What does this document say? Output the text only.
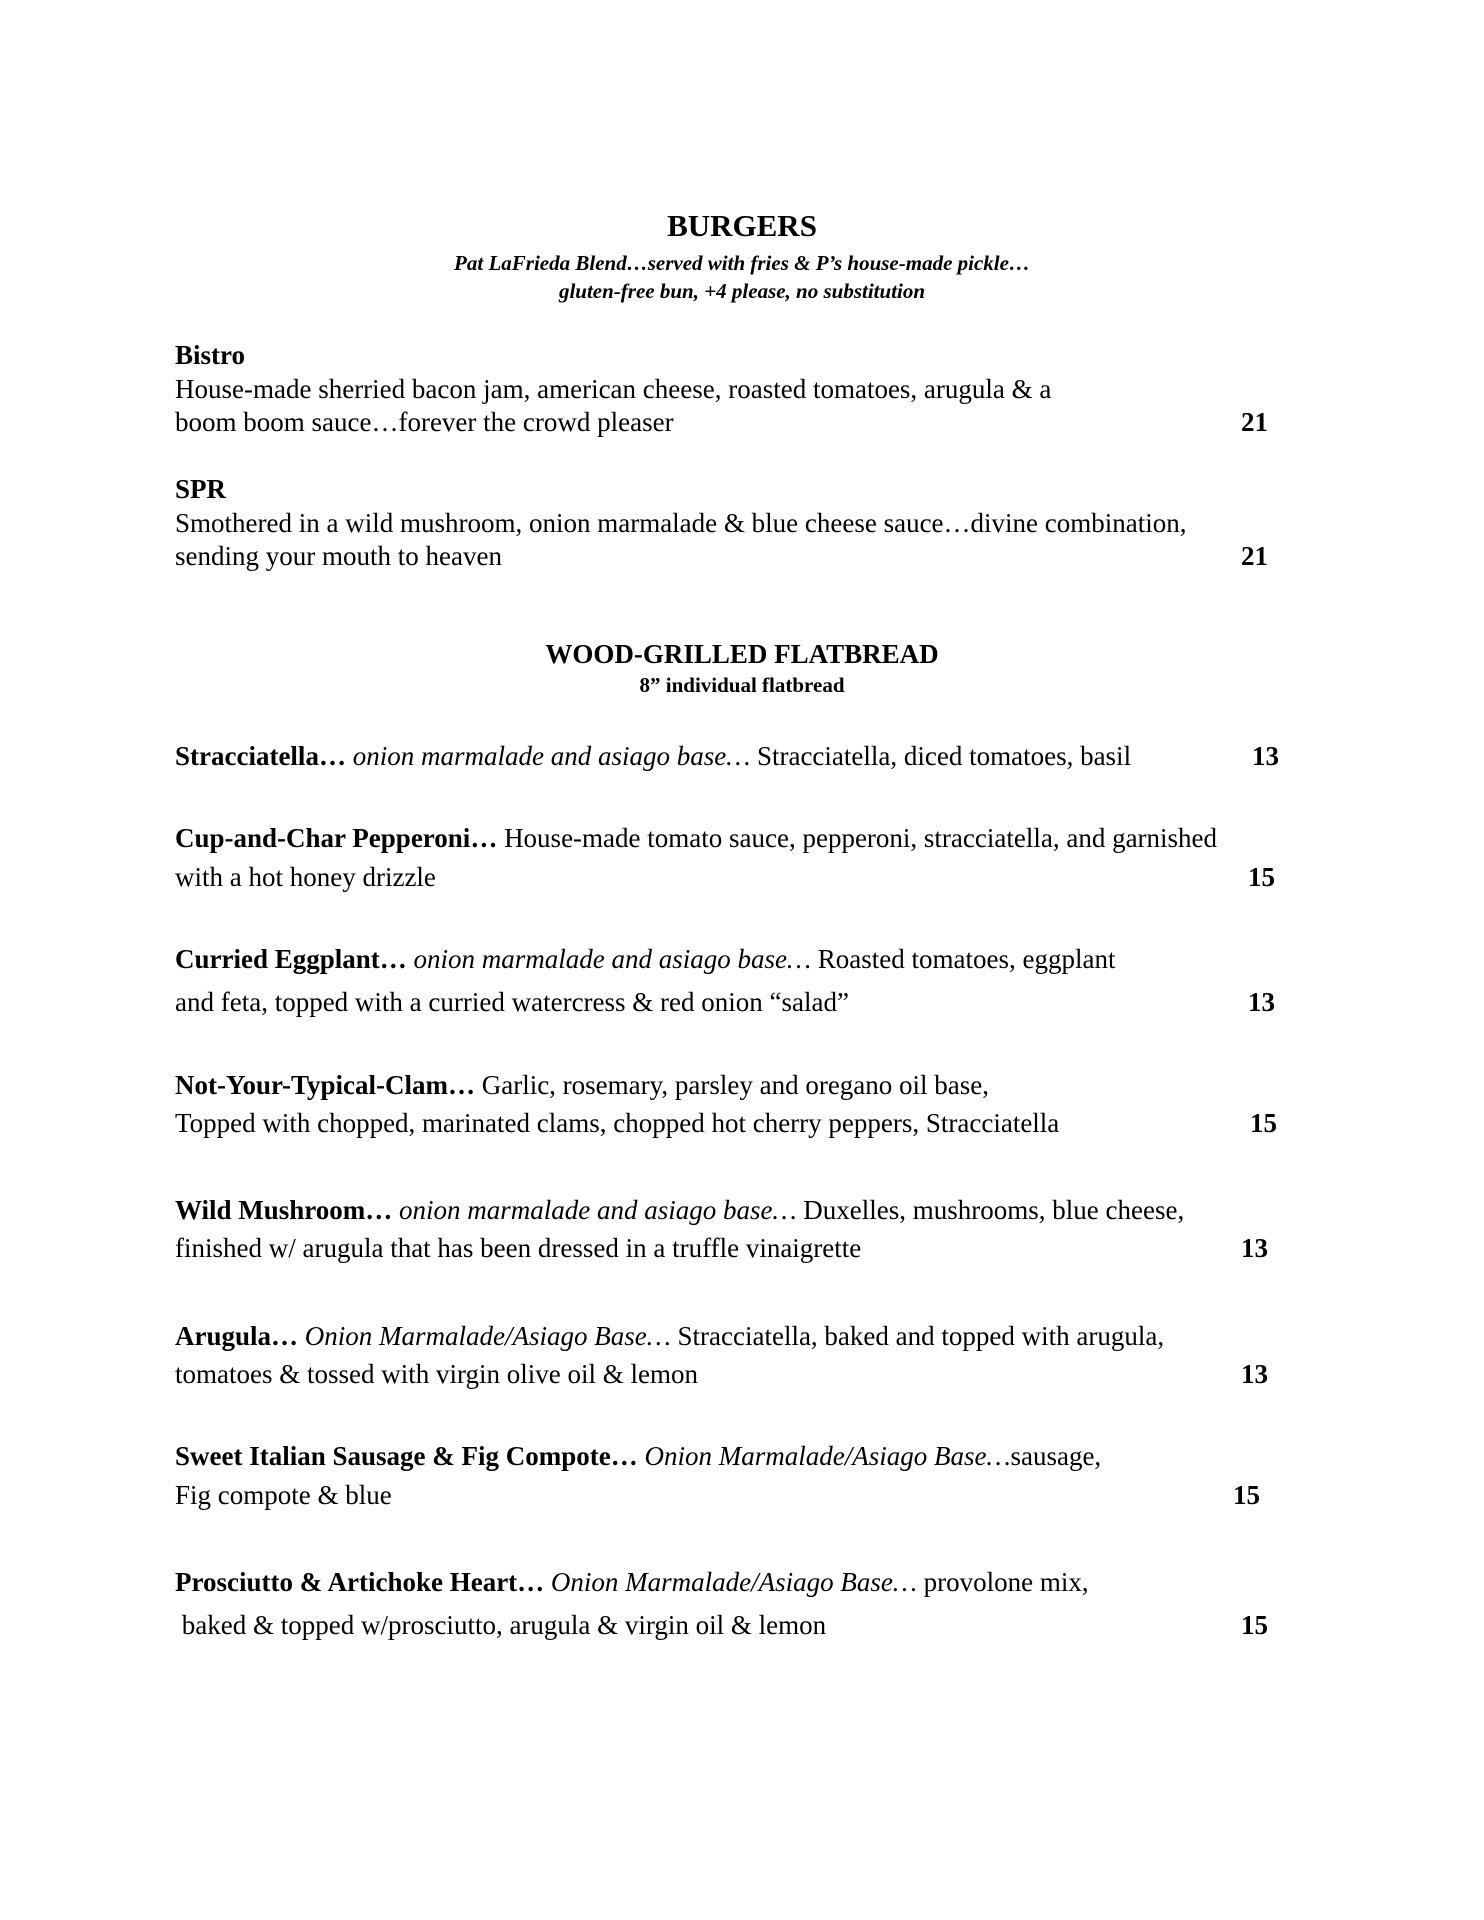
BURGERS
Pat LaFrieda Blend…served with fries & P’s house-made pickle…
gluten-free bun, +4 please, no substitution
Bistro
House-made sherried bacon jam, american cheese, roasted tomatoes, arugula & a
boom boom sauce…forever the crowd pleaser	21
SPR
Smothered in a wild mushroom, onion marmalade & blue cheese sauce…divine combination,
sending your mouth to heaven	21
WOOD-GRILLED FLATBREAD
8” individual flatbread
Stracciatella… onion marmalade and asiago base… Stracciatella, diced tomatoes, basil	13
Cup-and-Char Pepperoni… House-made tomato sauce, pepperoni, stracciatella, and garnished
with a hot honey drizzle	15
Curried Eggplant… onion marmalade and asiago base… Roasted tomatoes, eggplant
and feta, topped with a curried watercress & red onion “salad”	13
Not-Your-Typical-Clam… Garlic, rosemary, parsley and oregano oil base,
Topped with chopped, marinated clams, chopped hot cherry peppers, Stracciatella	15
Wild Mushroom… onion marmalade and asiago base… Duxelles, mushrooms, blue cheese,
finished w/ arugula that has been dressed in a truffle vinaigrette	13
Arugula… Onion Marmalade/Asiago Base… Stracciatella, baked and topped with arugula,
tomatoes & tossed with virgin olive oil & lemon	13
Sweet Italian Sausage & Fig Compote… Onion Marmalade/Asiago Base…sausage,
Fig compote & blue	15
Prosciutto & Artichoke Heart… Onion Marmalade/Asiago Base… provolone mix,
baked & topped w/prosciutto, arugula & virgin oil & lemon	15
